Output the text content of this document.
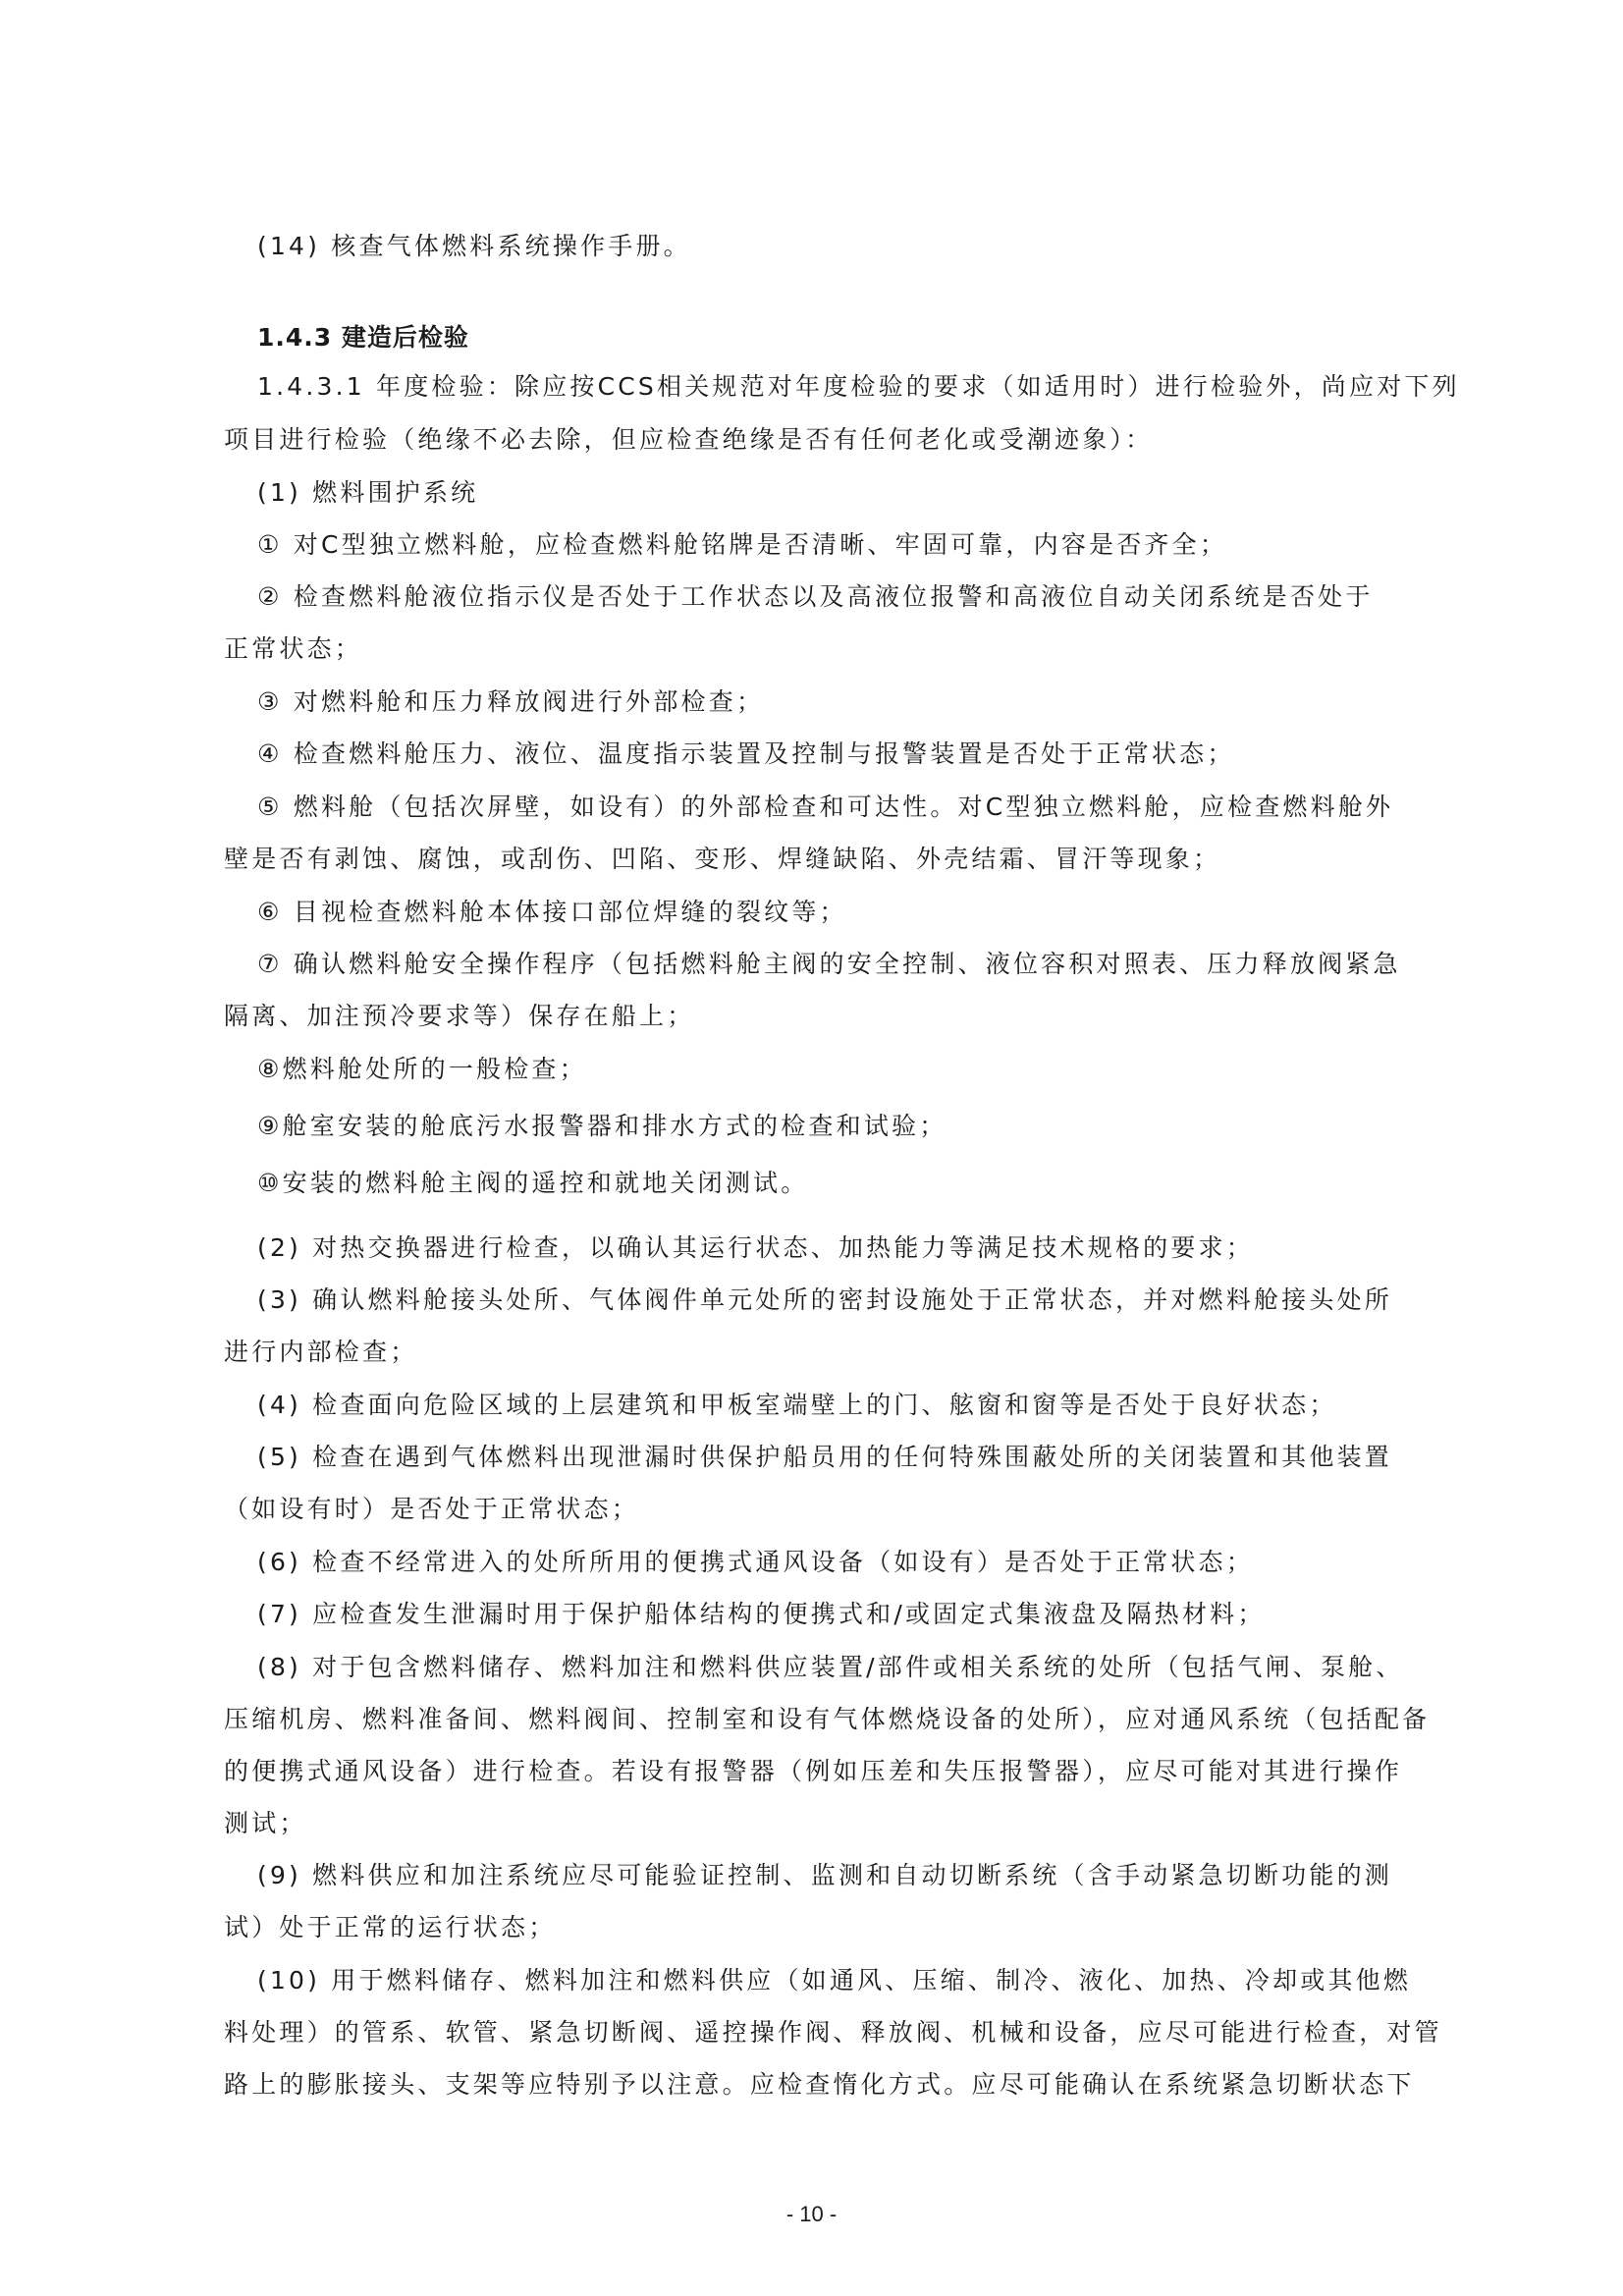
(14) 核查气体燃料系统操作手册。
1.4.3 建造后检验
1.4.3.1 年度检验：除应按CCS相关规范对年度检验的要求（如适用时）进行检验外，尚应对下列
项目进行检验（绝缘不必去除，但应检查绝缘是否有任何老化或受潮迹象）：
(1) 燃料围护系统
① 对C型独立燃料舱，应检查燃料舱铭牌是否清晰、牢固可靠，内容是否齐全；
② 检查燃料舱液位指示仪是否处于工作状态以及高液位报警和高液位自动关闭系统是否处于
正常状态；
③ 对燃料舱和压力释放阀进行外部检查；
④ 检查燃料舱压力、液位、温度指示装置及控制与报警装置是否处于正常状态；
⑤ 燃料舱（包括次屏壁，如设有）的外部检查和可达性。对C型独立燃料舱，应检查燃料舱外
壁是否有剥蚀、腐蚀，或刮伤、凹陷、变形、焊缝缺陷、外壳结霜、冒汗等现象；
⑥ 目视检查燃料舱本体接口部位焊缝的裂纹等；
⑦ 确认燃料舱安全操作程序（包括燃料舱主阀的安全控制、液位容积对照表、压力释放阀紧急
隔离、加注预冷要求等）保存在船上；
⑧燃料舱处所的一般检查；
⑨舱室安装的舱底污水报警器和排水方式的检查和试验；
⑩安装的燃料舱主阀的遥控和就地关闭测试。
(2) 对热交换器进行检查，以确认其运行状态、加热能力等满足技术规格的要求；
(3) 确认燃料舱接头处所、气体阀件单元处所的密封设施处于正常状态，并对燃料舱接头处所
进行内部检查；
(4) 检查面向危险区域的上层建筑和甲板室端壁上的门、舷窗和窗等是否处于良好状态；
(5) 检查在遇到气体燃料出现泄漏时供保护船员用的任何特殊围蔽处所的关闭装置和其他装置
（如设有时）是否处于正常状态；
(6) 检查不经常进入的处所所用的便携式通风设备（如设有）是否处于正常状态；
(7) 应检查发生泄漏时用于保护船体结构的便携式和/或固定式集液盘及隔热材料；
(8) 对于包含燃料储存、燃料加注和燃料供应装置/部件或相关系统的处所（包括气闸、泵舱、
压缩机房、燃料准备间、燃料阀间、控制室和设有气体燃烧设备的处所），应对通风系统（包括配备
的便携式通风设备）进行检查。若设有报警器（例如压差和失压报警器），应尽可能对其进行操作
测试；
(9) 燃料供应和加注系统应尽可能验证控制、监测和自动切断系统（含手动紧急切断功能的测
试）处于正常的运行状态；
(10) 用于燃料储存、燃料加注和燃料供应（如通风、压缩、制冷、液化、加热、冷却或其他燃
料处理）的管系、软管、紧急切断阀、遥控操作阀、释放阀、机械和设备，应尽可能进行检查，对管
路上的膨胀接头、支架等应特别予以注意。应检查惰化方式。应尽可能确认在系统紧急切断状态下
- 10 -
